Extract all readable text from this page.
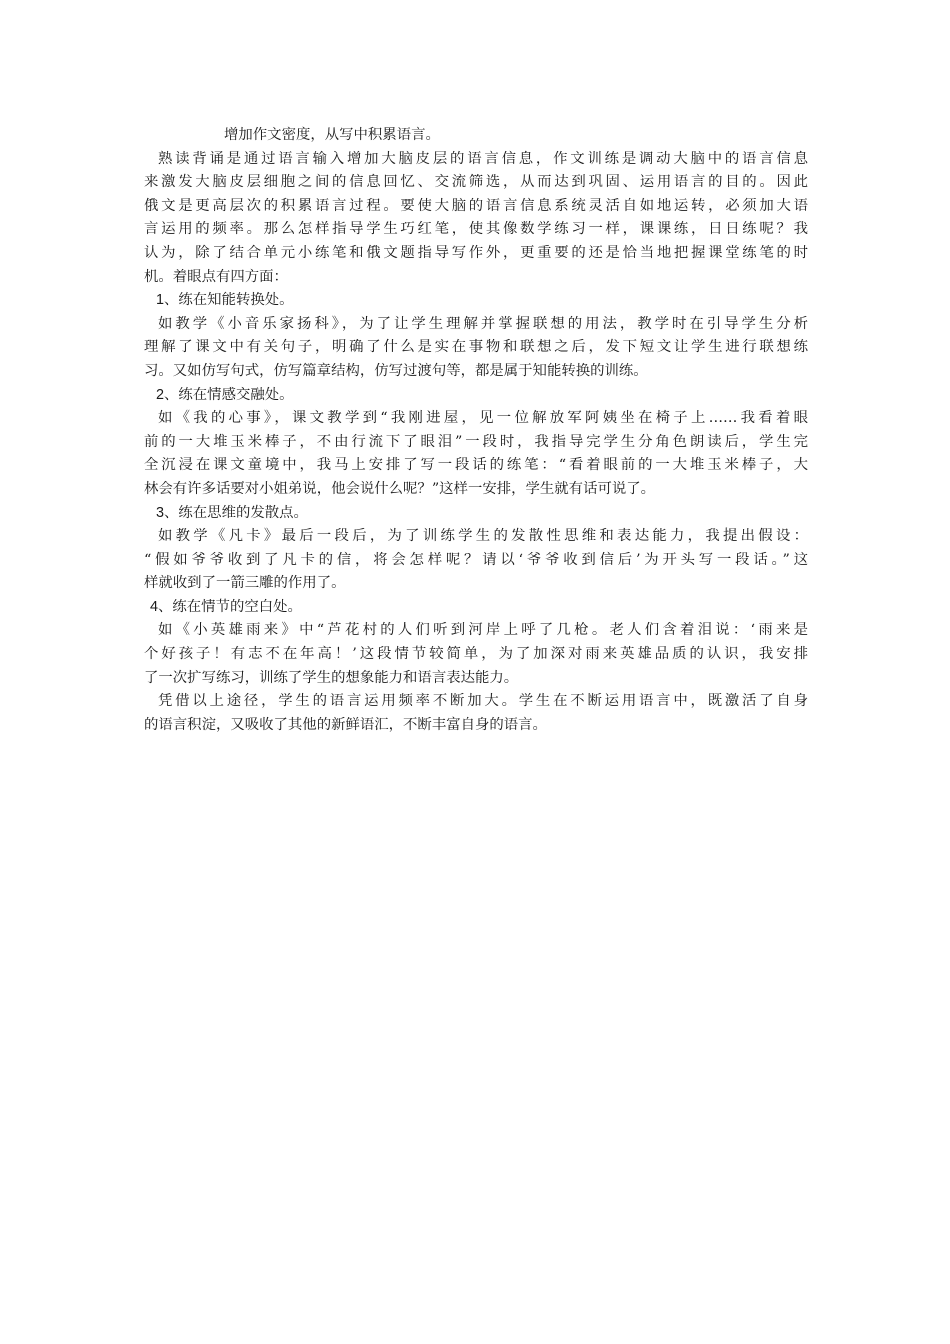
增加作文密度，从写中积累语言。
熟读背诵是通过语言输入增加大脑皮层的语言信息，作文训练是调动大脑中的语言信息
来激发大脑皮层细胞之间的信息回忆、交流筛选，从而达到巩固、运用语言的目的。因此
俄文是更高层次的积累语言过程。要使大脑的语言信息系统灵活自如地运转，必须加大语
言运用的频率。那么怎样指导学生巧红笔，使其像数学练习一样，课课练，日日练呢？我
认为，除了结合单元小练笔和俄文题指导写作外，更重要的还是恰当地把握课堂练笔的时
机。着眼点有四方面：
1、练在知能转换处。
如教学《小音乐家扬科》，为了让学生理解并掌握联想的用法，教学时在引导学生分析
理解了课文中有关句子，明确了什么是实在事物和联想之后，发下短文让学生进行联想练
习。又如仿写句式，仿写篇章结构，仿写过渡句等，都是属于知能转换的训练。
2、练在情感交融处。
如《我的心事》，课文教学到“我刚进屋，见一位解放军阿姨坐在椅子上……我看着眼
前的一大堆玉米棒子，不由行流下了眼泪”一段时，我指导完学生分角色朗读后，学生完
全沉浸在课文童境中，我马上安排了写一段话的练笔：“看着眼前的一大堆玉米棒子，大
林会有许多话要对小姐弟说，他会说什么呢？”这样一安排，学生就有话可说了。
3、练在思维的发散点。
如教学《凡卡》最后一段后，为了训练学生的发散性思维和表达能力，我提出假设：
“假如爷爷收到了凡卡的信，将会怎样呢？请以‘爷爷收到信后’为开头写一段话。”这
样就收到了一箭三雕的作用了。
4、练在情节的空白处。
如《小英雄雨来》中“芦花村的人们听到河岸上呼了几枪。老人们含着泪说：‘雨来是
个好孩子！有志不在年高！’这段情节较简单，为了加深对雨来英雄品质的认识，我安排
了一次扩写练习，训练了学生的想象能力和语言表达能力。
凭借以上途径，学生的语言运用频率不断加大。学生在不断运用语言中，既激活了自身
的语言积淀，又吸收了其他的新鲜语汇，不断丰富自身的语言。
